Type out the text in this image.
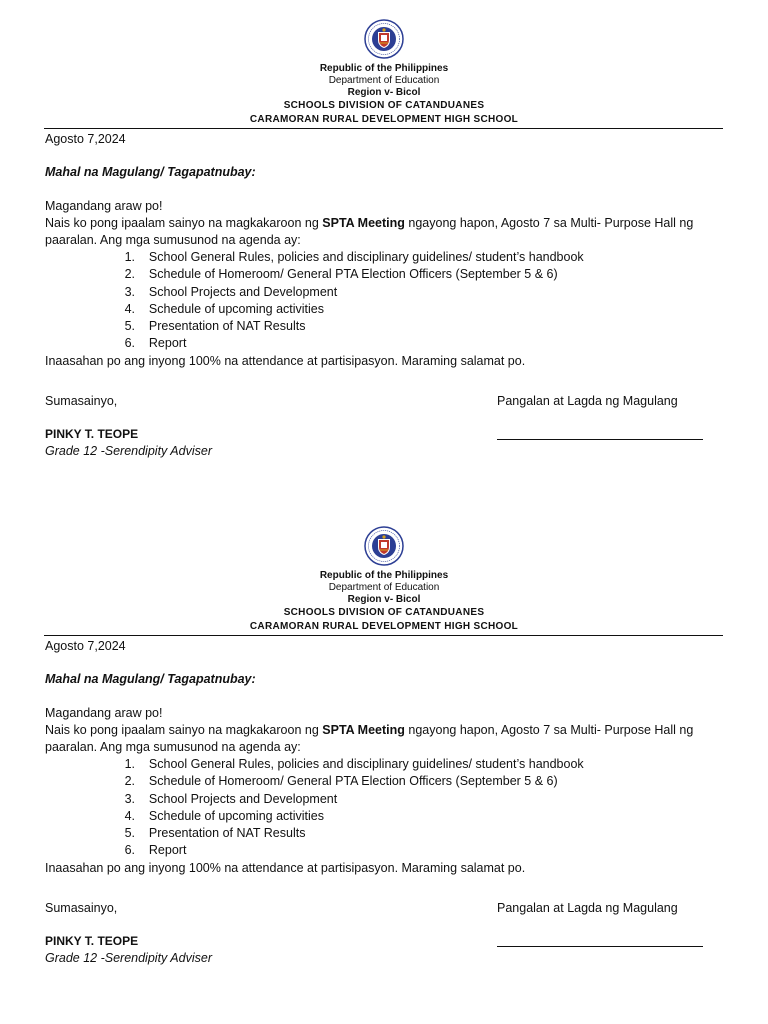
Republic of the Philippines
Department of Education
Region v- Bicol
SCHOOLS DIVISION OF CATANDUANES
CARAMORAN RURAL DEVELOPMENT HIGH SCHOOL
Agosto 7,2024
Mahal na Magulang/ Tagapatnubay:
Magandang araw po!
Nais ko pong ipaalam sainyo na magkakaroon ng SPTA Meeting ngayong hapon, Agosto 7 sa Multi- Purpose Hall ng
paaralan. Ang mga sumusunod na agenda ay:
1. School General Rules, policies and disciplinary guidelines/ student’s handbook
2. Schedule of Homeroom/ General PTA Election Officers (September 5 & 6)
3. School Projects and Development
4. Schedule of upcoming activities
5. Presentation of NAT Results
6. Report
Inaasahan po ang inyong 100% na attendance at partisipasyon. Maraming salamat po.
Sumasainyo,	Pangalan at Lagda ng Magulang
PINKY T. TEOPE
Grade 12 -Serendipity Adviser
Republic of the Philippines
Department of Education
Region v- Bicol
SCHOOLS DIVISION OF CATANDUANES
CARAMORAN RURAL DEVELOPMENT HIGH SCHOOL
Agosto 7,2024
Mahal na Magulang/ Tagapatnubay:
Magandang araw po!
Nais ko pong ipaalam sainyo na magkakaroon ng SPTA Meeting ngayong hapon, Agosto 7 sa Multi- Purpose Hall ng
paaralan. Ang mga sumusunod na agenda ay:
1. School General Rules, policies and disciplinary guidelines/ student’s handbook
2. Schedule of Homeroom/ General PTA Election Officers (September 5 & 6)
3. School Projects and Development
4. Schedule of upcoming activities
5. Presentation of NAT Results
6. Report
Inaasahan po ang inyong 100% na attendance at partisipasyon. Maraming salamat po.
Sumasainyo,	Pangalan at Lagda ng Magulang
PINKY T. TEOPE
Grade 12 -Serendipity Adviser
